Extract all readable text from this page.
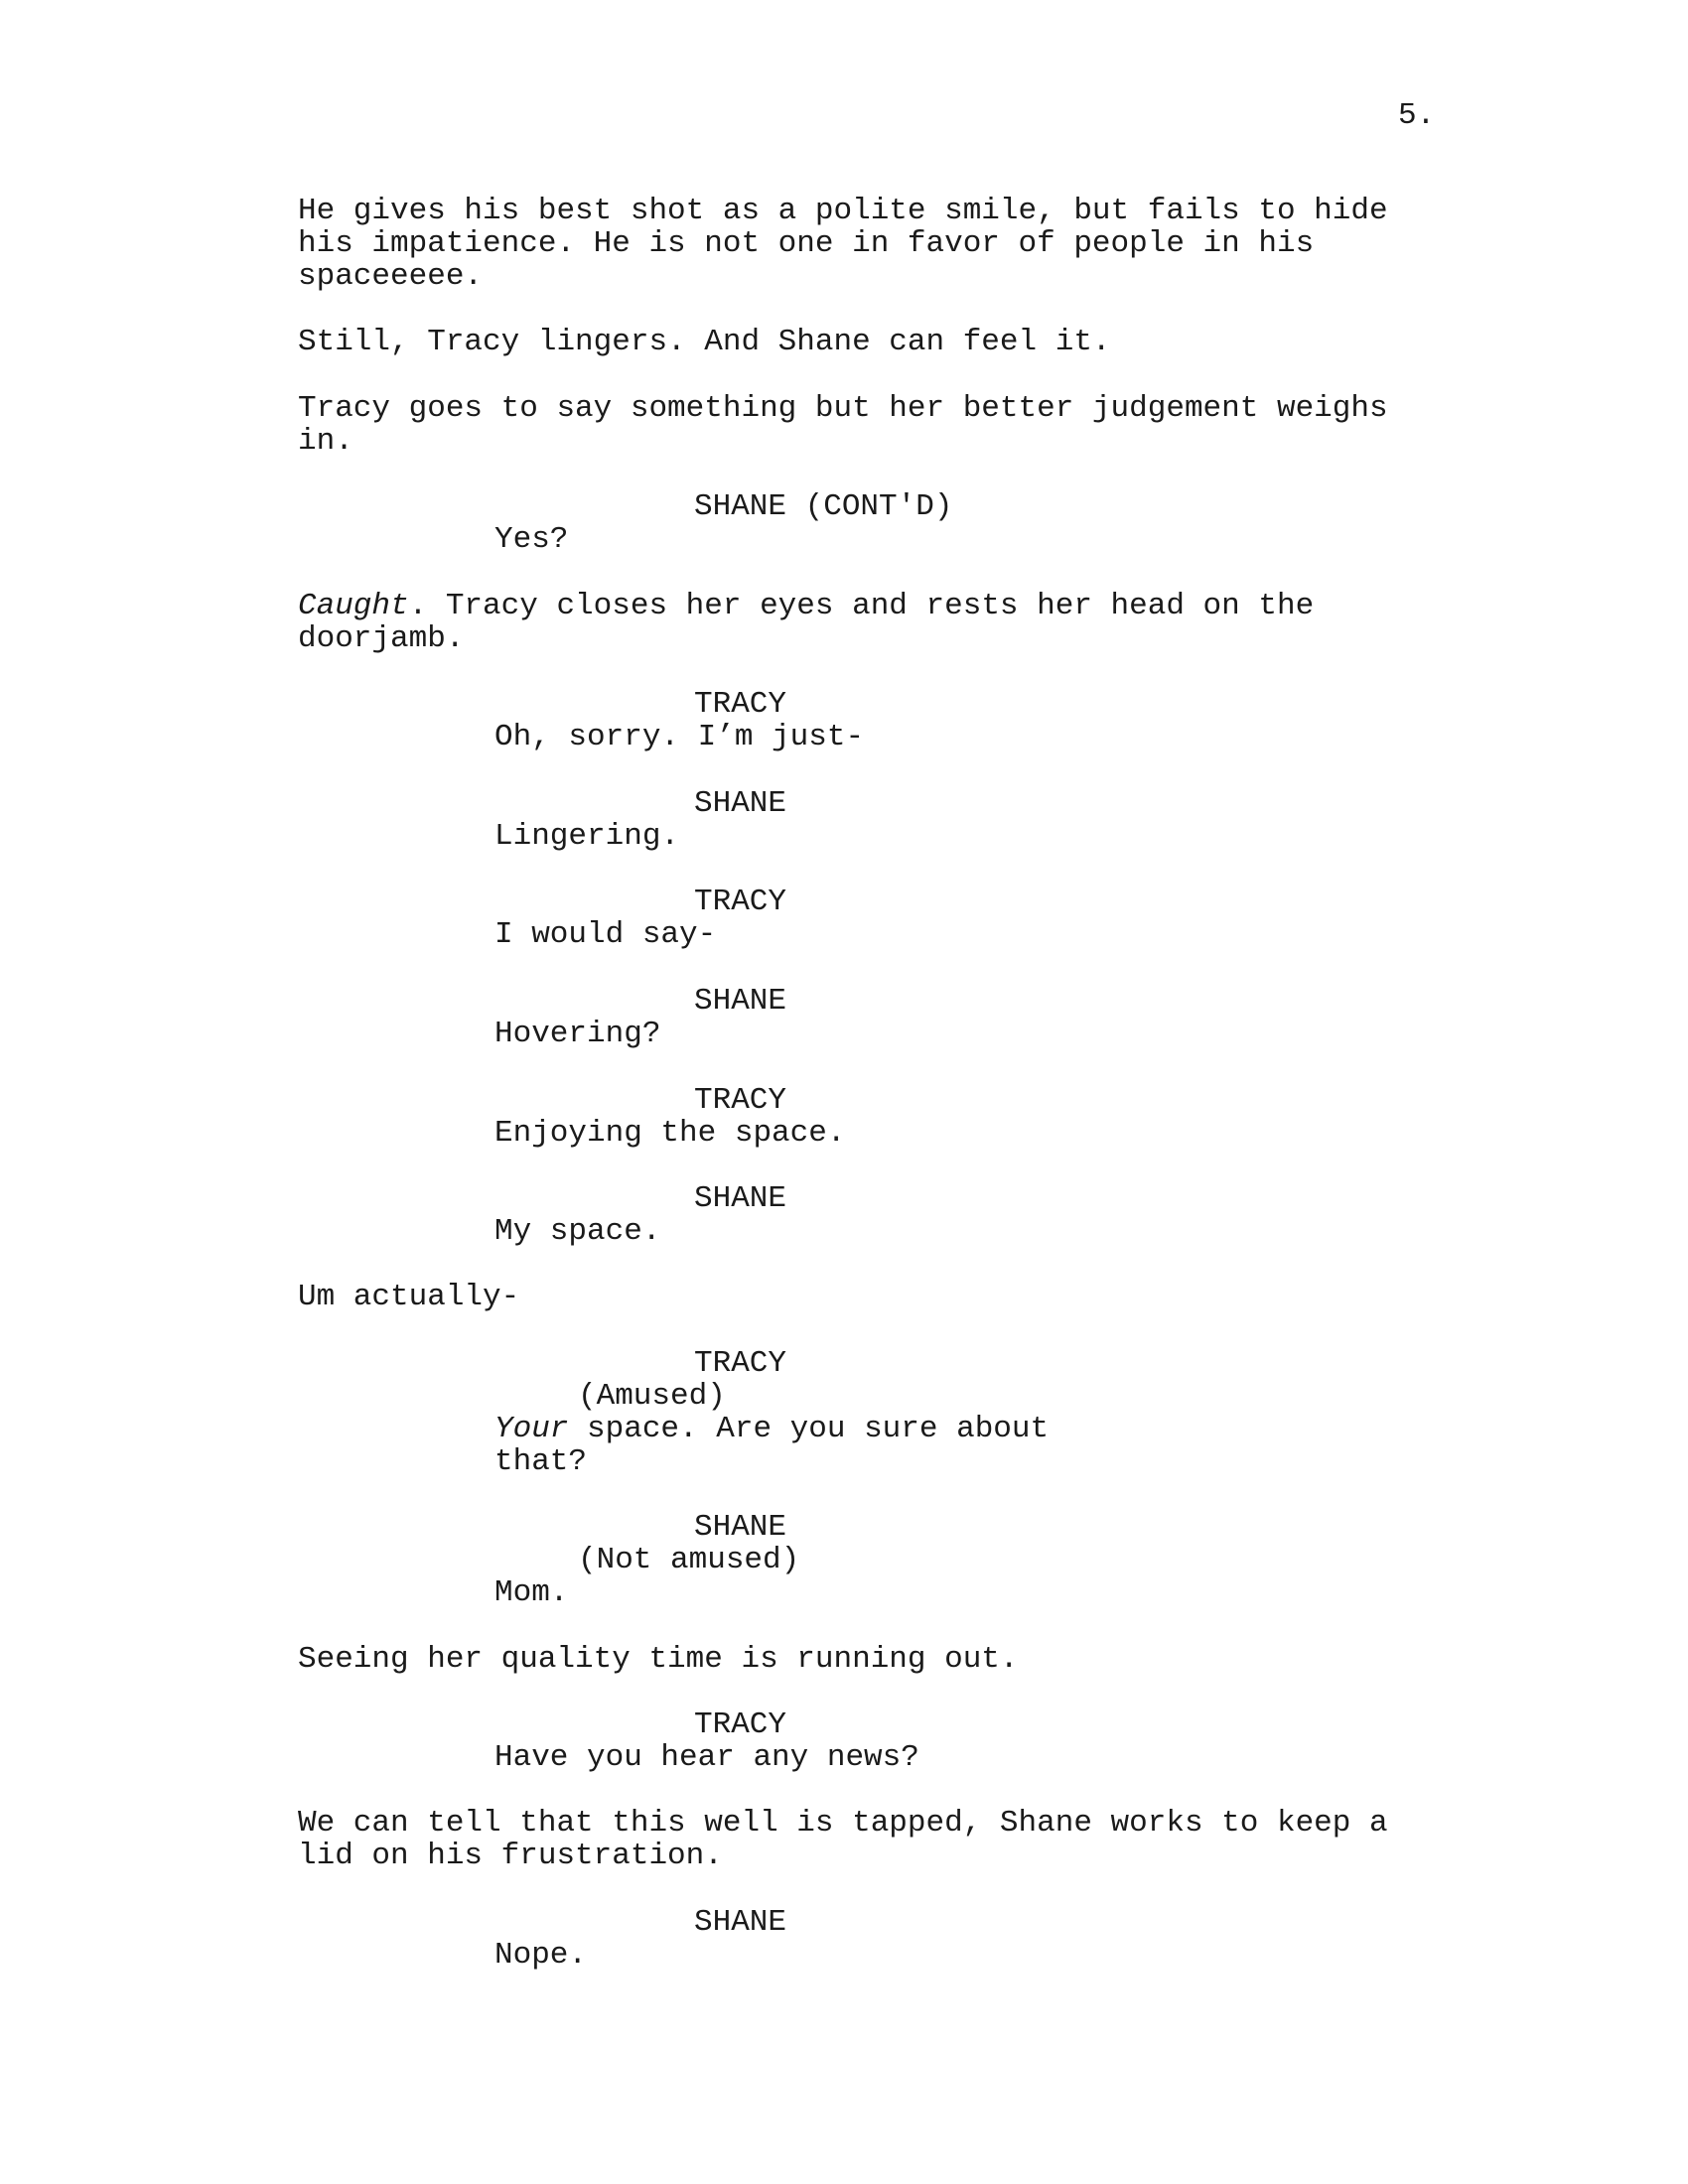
5.

He gives his best shot as a polite smile, but fails to hide

his impatience. He is not one in favor of people in his

spaceeeee.

Still, Tracy lingers. And Shane can feel it.

Tracy goes to say something but her better judgement weighs

in.

SHANE (CONT'D)

Yes?

Caught. Tracy closes her eyes and rests her head on the

doorjamb.

TRACY

Oh, sorry. I’m just-

SHANE

Lingering.

TRACY

I would say-

SHANE

Hovering?

TRACY

Enjoying the space.

SHANE

My space.

Um actually-

TRACY

(Amused)

Your space. Are you sure about

that?

SHANE

(Not amused)

Mom.

Seeing her quality time is running out.

TRACY

Have you hear any news?

We can tell that this well is tapped, Shane works to keep a

lid on his frustration.

SHANE

Nope.
